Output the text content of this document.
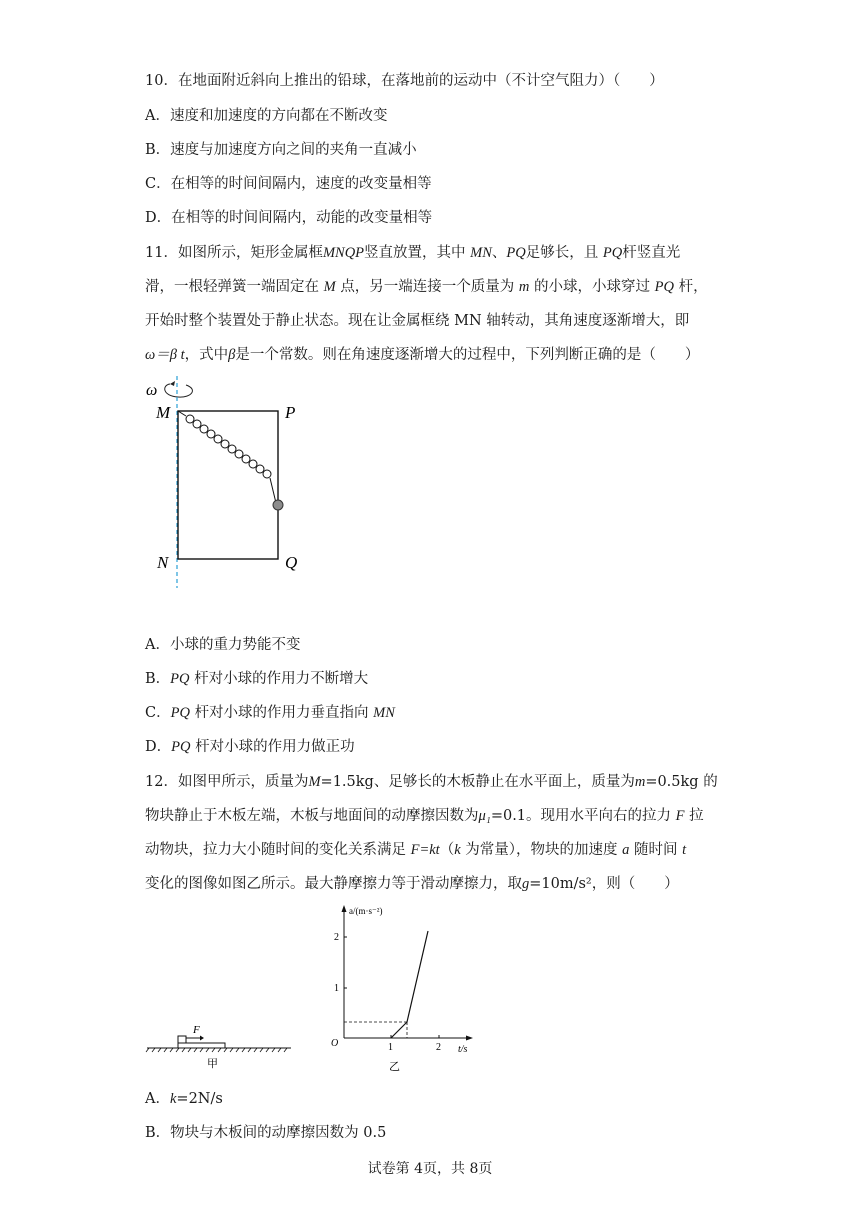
10．在地面附近斜向上推出的铅球，在落地前的运动中（不计空气阻力）（　　）
A．速度和加速度的方向都在不断改变
B．速度与加速度方向之间的夹角一直减小
C．在相等的时间间隔内，速度的改变量相等
D．在相等的时间间隔内，动能的改变量相等
11．如图所示，矩形金属框MNQP竖直放置，其中 MN、PQ足够长，且 PQ杆竖直光
滑，一根轻弹簧一端固定在 M 点，另一端连接一个质量为 m 的小球，小球穿过 PQ 杆，
开始时整个装置处于静止状态。现在让金属框绕 MN 轴转动，其角速度逐渐增大，即
ω＝β t，式中β是一个常数。则在角速度逐渐增大的过程中，下列判断正确的是（　　）
ω
M	P
N	Q
A．小球的重力势能不变
B．PQ 杆对小球的作用力不断增大
C．PQ 杆对小球的作用力垂直指向 MN
D．PQ 杆对小球的作用力做正功
12．如图甲所示，质量为M=1.5kg、足够长的木板静止在水平面上，质量为m=0.5kg 的
物块静止于木板左端，木板与地面间的动摩擦因数为μ₁=0.1。现用水平向右的拉力 F 拉
动物块，拉力大小随时间的变化关系满足 F=kt（k 为常量），物块的加速度 a 随时间 t
变化的图像如图乙所示。最大静摩擦力等于滑动摩擦力，取g=10m/s²，则（　　）
F
甲
a/(m·s⁻²)
t/s
O
2
1
1	2
乙
A．k=2N/s
B．物块与木板间的动摩擦因数为 0.5
试卷第 4页，共 8页
